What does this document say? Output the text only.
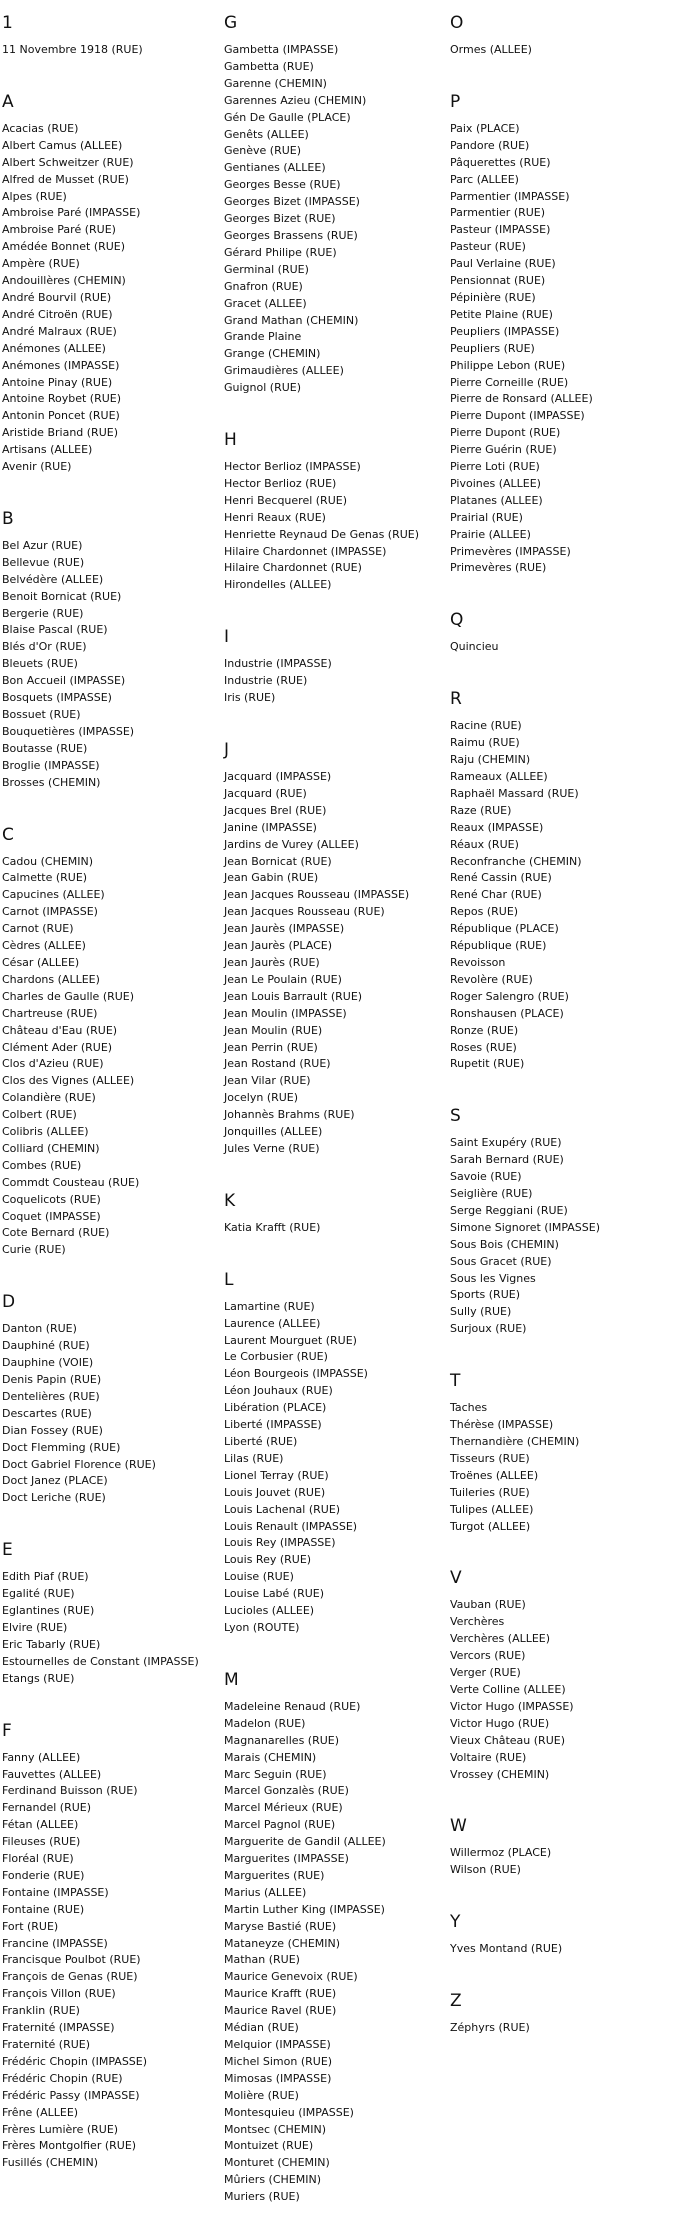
1
11 Novembre 1918 (RUE)
A
Acacias (RUE)
Albert Camus (ALLEE)
Albert Schweitzer (RUE)
Alfred de Musset (RUE)
Alpes (RUE)
Ambroise Paré (IMPASSE)
Ambroise Paré (RUE)
Amédée Bonnet (RUE)
Ampère (RUE)
Andouillères (CHEMIN)
André Bourvil (RUE)
André Citroën (RUE)
André Malraux (RUE)
Anémones (ALLEE)
Anémones (IMPASSE)
Antoine Pinay (RUE)
Antoine Roybet (RUE)
Antonin Poncet (RUE)
Aristide Briand (RUE)
Artisans (ALLEE)
Avenir (RUE)
B
Bel Azur (RUE)
Bellevue (RUE)
Belvédère (ALLEE)
Benoit Bornicat (RUE)
Bergerie (RUE)
Blaise Pascal (RUE)
Blés d'Or (RUE)
Bleuets (RUE)
Bon Accueil (IMPASSE)
Bosquets (IMPASSE)
Bossuet (RUE)
Bouquetières (IMPASSE)
Boutasse (RUE)
Broglie (IMPASSE)
Brosses (CHEMIN)
C
Cadou (CHEMIN)
Calmette (RUE)
Capucines (ALLEE)
Carnot (IMPASSE)
Carnot (RUE)
Cèdres (ALLEE)
César (ALLEE)
Chardons (ALLEE)
Charles de Gaulle (RUE)
Chartreuse (RUE)
Château d'Eau (RUE)
Clément Ader (RUE)
Clos d'Azieu (RUE)
Clos des Vignes (ALLEE)
Colandière (RUE)
Colbert (RUE)
Colibris (ALLEE)
Colliard (CHEMIN)
Combes (RUE)
Commdt Cousteau (RUE)
Coquelicots (RUE)
Coquet (IMPASSE)
Cote Bernard (RUE)
Curie (RUE)
D
Danton (RUE)
Dauphiné (RUE)
Dauphine (VOIE)
Denis Papin (RUE)
Dentelières (RUE)
Descartes (RUE)
Dian Fossey (RUE)
Doct Flemming (RUE)
Doct Gabriel Florence (RUE)
Doct Janez (PLACE)
Doct Leriche (RUE)
E
Edith Piaf (RUE)
Egalité (RUE)
Eglantines (RUE)
Elvire (RUE)
Eric Tabarly (RUE)
Estournelles de Constant (IMPASSE)
Etangs (RUE)
F
Fanny (ALLEE)
Fauvettes (ALLEE)
Ferdinand Buisson (RUE)
Fernandel (RUE)
Fétan (ALLEE)
Fileuses (RUE)
Floréal (RUE)
Fonderie (RUE)
Fontaine (IMPASSE)
Fontaine (RUE)
Fort (RUE)
Francine (IMPASSE)
Francisque Poulbot (RUE)
François de Genas (RUE)
François Villon (RUE)
Franklin (RUE)
Fraternité (IMPASSE)
Fraternité (RUE)
Frédéric Chopin (IMPASSE)
Frédéric Chopin (RUE)
Frédéric Passy (IMPASSE)
Frêne (ALLEE)
Frères Lumière (RUE)
Frères Montgolfier (RUE)
Fusillés (CHEMIN)
G
Gambetta (IMPASSE)
Gambetta (RUE)
Garenne (CHEMIN)
Garennes Azieu (CHEMIN)
Gén De Gaulle (PLACE)
Genêts (ALLEE)
Genève (RUE)
Gentianes (ALLEE)
Georges Besse (RUE)
Georges Bizet (IMPASSE)
Georges Bizet (RUE)
Georges Brassens (RUE)
Gérard Philipe (RUE)
Germinal (RUE)
Gnafron (RUE)
Gracet (ALLEE)
Grand Mathan (CHEMIN)
Grande Plaine
Grange (CHEMIN)
Grimaudières (ALLEE)
Guignol (RUE)
H
Hector Berlioz (IMPASSE)
Hector Berlioz (RUE)
Henri Becquerel (RUE)
Henri Reaux (RUE)
Henriette Reynaud De Genas (RUE)
Hilaire Chardonnet (IMPASSE)
Hilaire Chardonnet (RUE)
Hirondelles (ALLEE)
I
Industrie (IMPASSE)
Industrie (RUE)
Iris (RUE)
J
Jacquard (IMPASSE)
Jacquard (RUE)
Jacques Brel (RUE)
Janine (IMPASSE)
Jardins de Vurey (ALLEE)
Jean Bornicat (RUE)
Jean Gabin (RUE)
Jean Jacques Rousseau (IMPASSE)
Jean Jacques Rousseau (RUE)
Jean Jaurès (IMPASSE)
Jean Jaurès (PLACE)
Jean Jaurès (RUE)
Jean Le Poulain (RUE)
Jean Louis Barrault (RUE)
Jean Moulin (IMPASSE)
Jean Moulin (RUE)
Jean Perrin (RUE)
Jean Rostand (RUE)
Jean Vilar (RUE)
Jocelyn (RUE)
Johannès Brahms (RUE)
Jonquilles (ALLEE)
Jules Verne (RUE)
K
Katia Krafft (RUE)
L
Lamartine (RUE)
Laurence (ALLEE)
Laurent Mourguet (RUE)
Le Corbusier (RUE)
Léon Bourgeois (IMPASSE)
Léon Jouhaux (RUE)
Libération (PLACE)
Liberté (IMPASSE)
Liberté (RUE)
Lilas (RUE)
Lionel Terray (RUE)
Louis Jouvet (RUE)
Louis Lachenal (RUE)
Louis Renault (IMPASSE)
Louis Rey (IMPASSE)
Louis Rey (RUE)
Louise (RUE)
Louise Labé (RUE)
Lucioles (ALLEE)
Lyon (ROUTE)
M
Madeleine Renaud (RUE)
Madelon (RUE)
Magnanarelles (RUE)
Marais (CHEMIN)
Marc Seguin (RUE)
Marcel Gonzalès (RUE)
Marcel Mérieux (RUE)
Marcel Pagnol (RUE)
Marguerite de Gandil (ALLEE)
Marguerites (IMPASSE)
Marguerites (RUE)
Marius (ALLEE)
Martin Luther King (IMPASSE)
Maryse Bastié (RUE)
Mataneyze (CHEMIN)
Mathan (RUE)
Maurice Genevoix (RUE)
Maurice Krafft (RUE)
Maurice Ravel (RUE)
Médian (RUE)
Melquior (IMPASSE)
Michel Simon (RUE)
Mimosas (IMPASSE)
Molière (RUE)
Montesquieu (IMPASSE)
Montsec (CHEMIN)
Montuizet (RUE)
Monturet (CHEMIN)
Mûriers (CHEMIN)
Muriers (RUE)
O
Ormes (ALLEE)
P
Paix (PLACE)
Pandore (RUE)
Pâquerettes (RUE)
Parc (ALLEE)
Parmentier (IMPASSE)
Parmentier (RUE)
Pasteur (IMPASSE)
Pasteur (RUE)
Paul Verlaine (RUE)
Pensionnat (RUE)
Pépinière (RUE)
Petite Plaine (RUE)
Peupliers (IMPASSE)
Peupliers (RUE)
Philippe Lebon (RUE)
Pierre Corneille (RUE)
Pierre de Ronsard (ALLEE)
Pierre Dupont (IMPASSE)
Pierre Dupont (RUE)
Pierre Guérin (RUE)
Pierre Loti (RUE)
Pivoines (ALLEE)
Platanes (ALLEE)
Prairial (RUE)
Prairie (ALLEE)
Primevères (IMPASSE)
Primevères (RUE)
Q
Quincieu
R
Racine (RUE)
Raimu (RUE)
Raju (CHEMIN)
Rameaux (ALLEE)
Raphaël Massard (RUE)
Raze (RUE)
Reaux (IMPASSE)
Réaux (RUE)
Reconfranche (CHEMIN)
René Cassin (RUE)
René Char (RUE)
Repos (RUE)
République (PLACE)
République (RUE)
Revoisson
Revolère (RUE)
Roger Salengro (RUE)
Ronshausen (PLACE)
Ronze (RUE)
Roses (RUE)
Rupetit (RUE)
S
Saint Exupéry (RUE)
Sarah Bernard (RUE)
Savoie (RUE)
Seiglière (RUE)
Serge Reggiani (RUE)
Simone Signoret (IMPASSE)
Sous Bois (CHEMIN)
Sous Gracet (RUE)
Sous les Vignes
Sports (RUE)
Sully (RUE)
Surjoux (RUE)
T
Taches
Thérèse (IMPASSE)
Thernandière (CHEMIN)
Tisseurs (RUE)
Troënes (ALLEE)
Tuileries (RUE)
Tulipes (ALLEE)
Turgot (ALLEE)
V
Vauban (RUE)
Verchères
Verchères (ALLEE)
Vercors (RUE)
Verger (RUE)
Verte Colline (ALLEE)
Victor Hugo (IMPASSE)
Victor Hugo (RUE)
Vieux Château (RUE)
Voltaire (RUE)
Vrossey (CHEMIN)
W
Willermoz (PLACE)
Wilson (RUE)
Y
Yves Montand (RUE)
Z
Zéphyrs (RUE)
